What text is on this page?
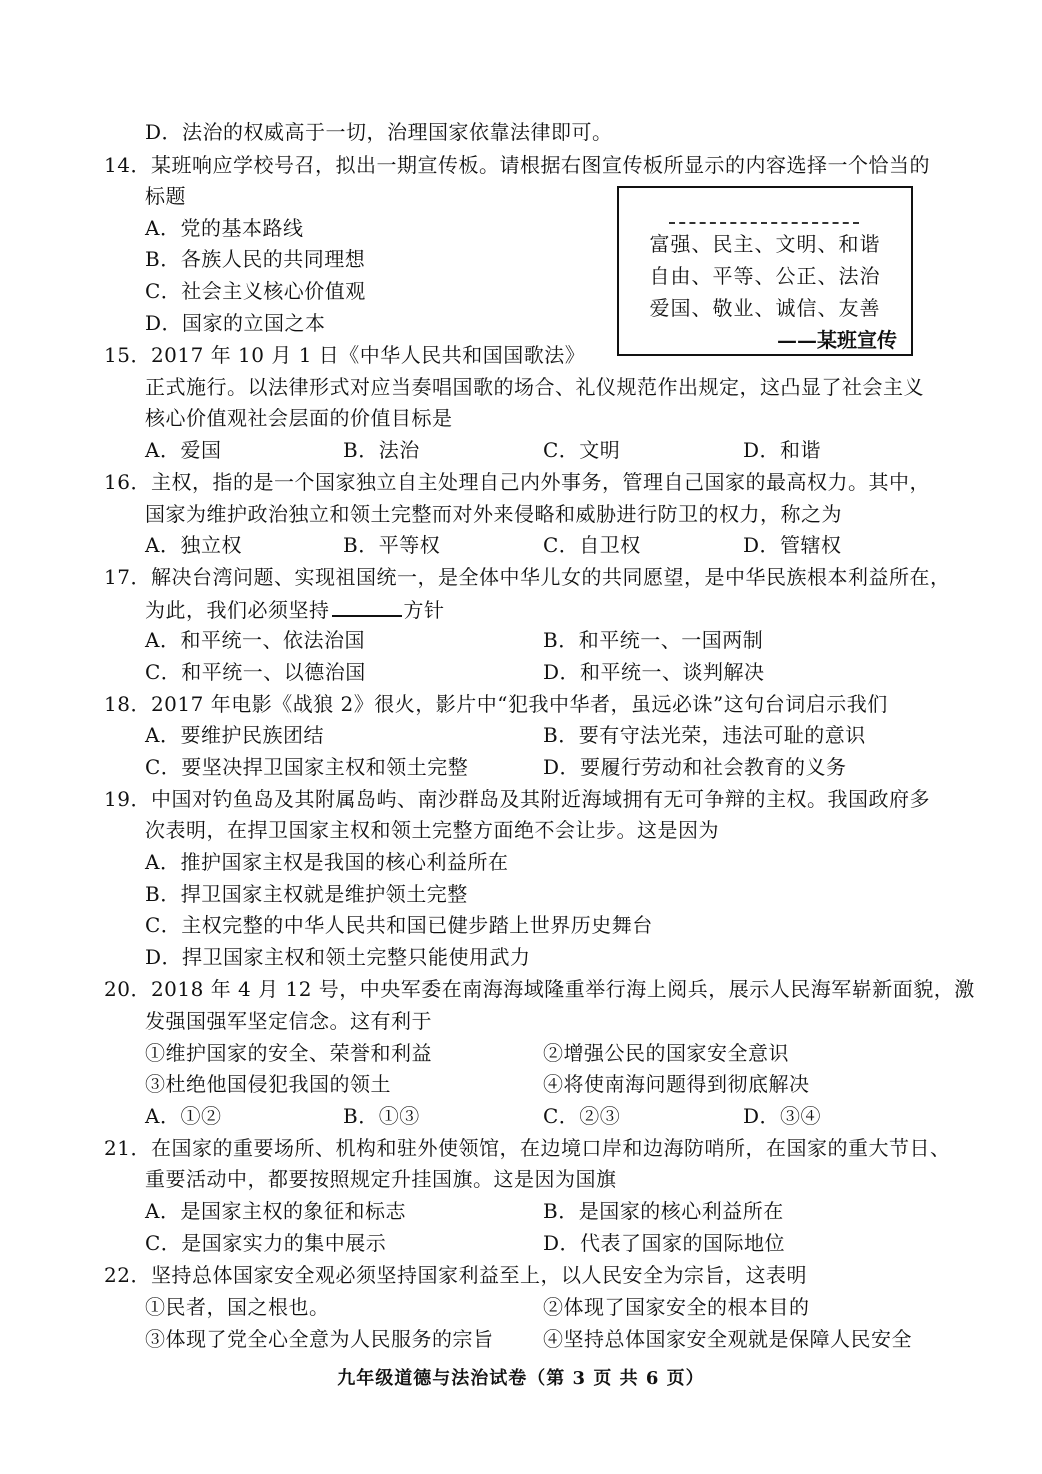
D．法治的权威高于一切，治理国家依靠法律即可。
14．某班响应学校号召，拟出一期宣传板。请根据右图宣传板所显示的内容选择一个恰当的
标题
A．党的基本路线
B．各族人民的共同理想
C．社会主义核心价值观
D．国家的立国之本
富强、民主、文明、和谐
自由、平等、公正、法治
爱国、敬业、诚信、友善
——某班宣传
15．2017 年 10 月 1 日《中华人民共和国国歌法》
正式施行。以法律形式对应当奏唱国歌的场合、礼仪规范作出规定，这凸显了社会主义
核心价值观社会层面的价值目标是
A．爱国	B．法治	C．文明	D．和谐
16．主权，指的是一个国家独立自主处理自己内外事务，管理自己国家的最高权力。其中，
国家为维护政治独立和领土完整而对外来侵略和威胁进行防卫的权力，称之为
A．独立权	B．平等权	C．自卫权	D．管辖权
17．解决台湾问题、实现祖国统一，是全体中华儿女的共同愿望，是中华民族根本利益所在，
为此，我们必须坚持	方针
A．和平统一、依法治国	B．和平统一、一国两制
C．和平统一、以德治国	D．和平统一、谈判解决
18．2017 年电影《战狼 2》很火，影片中“犯我中华者，虽远必诛”这句台词启示我们
A．要维护民族团结	B．要有守法光荣，违法可耻的意识
C．要坚决捍卫国家主权和领土完整	D．要履行劳动和社会教育的义务
19．中国对钓鱼岛及其附属岛屿、南沙群岛及其附近海域拥有无可争辩的主权。我国政府多
次表明，在捍卫国家主权和领土完整方面绝不会让步。这是因为
A．推护国家主权是我国的核心利益所在
B．捍卫国家主权就是维护领土完整
C．主权完整的中华人民共和国已健步踏上世界历史舞台
D．捍卫国家主权和领土完整只能使用武力
20．2018 年 4 月 12 号，中央军委在南海海域隆重举行海上阅兵，展示人民海军崭新面貌，激
发强国强军坚定信念。这有利于
①维护国家的安全、荣誉和利益	②增强公民的国家安全意识
③杜绝他国侵犯我国的领土	④将使南海问题得到彻底解决
A．①②	B．①③	C．②③	D．③④
21．在国家的重要场所、机构和驻外使领馆，在边境口岸和边海防哨所，在国家的重大节日、
重要活动中，都要按照规定升挂国旗。这是因为国旗
A．是国家主权的象征和标志	B．是国家的核心利益所在
C．是国家实力的集中展示	D．代表了国家的国际地位
22．坚持总体国家安全观必须坚持国家利益至上，以人民安全为宗旨，这表明
①民者，国之根也。	②体现了国家安全的根本目的
③体现了党全心全意为人民服务的宗旨 ④坚持总体国家安全观就是保障人民安全
九年级道德与法治试卷（第 3 页 共 6 页）
